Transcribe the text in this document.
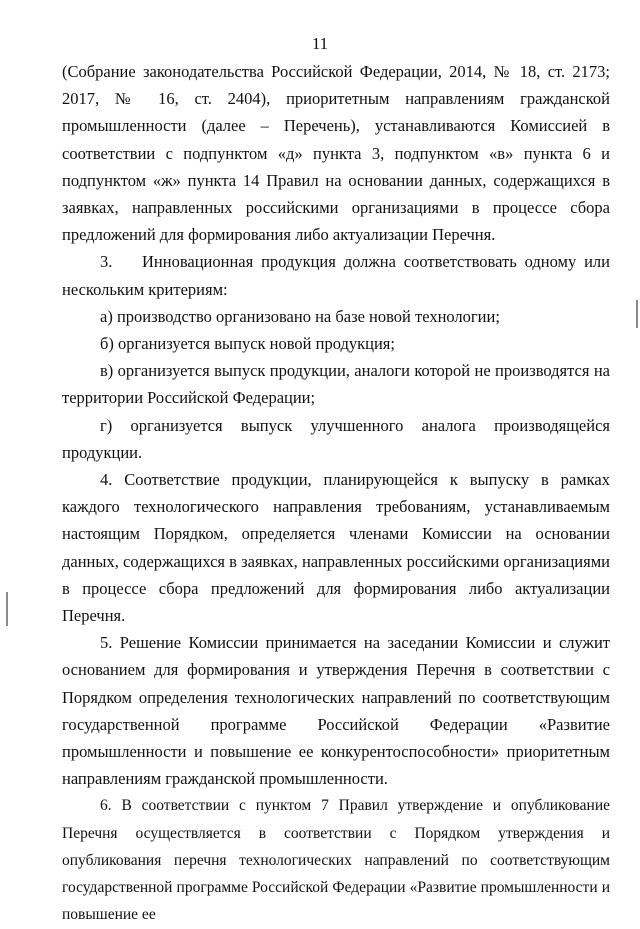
11

(Собрание законодательства Российской Федерации, 2014, № 18, ст. 2173; 2017, № 16, ст. 2404), приоритетным направлениям гражданской промышленности (далее – Перечень), устанавливаются Комиссией в соответствии с подпунктом «д» пункта 3, подпунктом «в» пункта 6 и подпунктом «ж» пункта 14 Правил на основании данных, содержащихся в заявках, направленных российскими организациями в процессе сбора предложений для формирования либо актуализации Перечня.

3. Инновационная продукция должна соответствовать одному или нескольким критериям:

а) производство организовано на базе новой технологии;

б) организуется выпуск новой продукция;

в) организуется выпуск продукции, аналоги которой не производятся на территории Российской Федерации;

г) организуется выпуск улучшенного аналога производящейся продукции.

4. Соответствие продукции, планирующейся к выпуску в рамках каждого технологического направления требованиям, устанавливаемым настоящим Порядком, определяется членами Комиссии на основании данных, содержащихся в заявках, направленных российскими организациями в процессе сбора предложений для формирования либо актуализации Перечня.

5. Решение Комиссии принимается на заседании Комиссии и служит основанием для формирования и утверждения Перечня в соответствии с Порядком определения технологических направлений по соответствующим государственной программе Российской Федерации «Развитие промышленности и повышение ее конкурентоспособности» приоритетным направлениям гражданской промышленности.

6. В соответствии с пунктом 7 Правил утверждение и опубликование Перечня осуществляется в соответствии с Порядком утверждения и опубликования перечня технологических направлений по соответствующим государственной программе Российской Федерации «Развитие промышленности и повышение ее
